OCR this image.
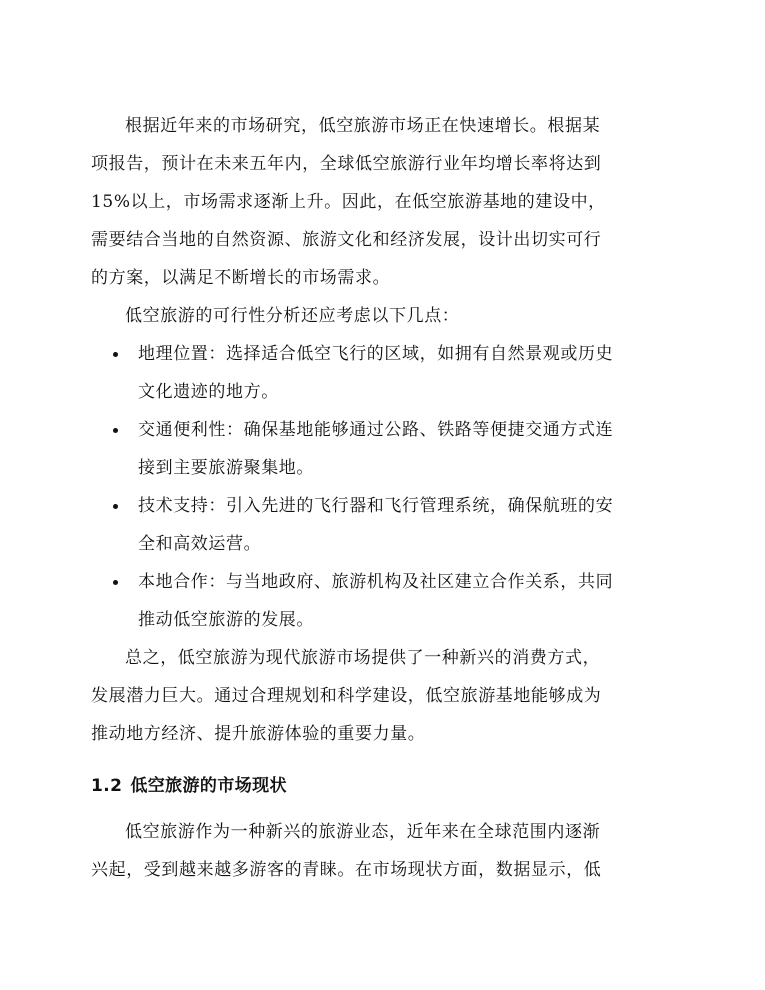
根据近年来的市场研究，低空旅游市场正在快速增长。根据某
项报告，预计在未来五年内，全球低空旅游行业年均增长率将达到
15%以上，市场需求逐渐上升。因此，在低空旅游基地的建设中，
需要结合当地的自然资源、旅游文化和经济发展，设计出切实可行
的方案，以满足不断增长的市场需求。
低空旅游的可行性分析还应考虑以下几点：
地理位置：选择适合低空飞行的区域，如拥有自然景观或历史
文化遗迹的地方。
交通便利性：确保基地能够通过公路、铁路等便捷交通方式连
接到主要旅游聚集地。
技术支持：引入先进的飞行器和飞行管理系统，确保航班的安
全和高效运营。
本地合作：与当地政府、旅游机构及社区建立合作关系，共同
推动低空旅游的发展。
总之，低空旅游为现代旅游市场提供了一种新兴的消费方式，
发展潜力巨大。通过合理规划和科学建设，低空旅游基地能够成为
推动地方经济、提升旅游体验的重要力量。
1.2 低空旅游的市场现状
低空旅游作为一种新兴的旅游业态，近年来在全球范围内逐渐
兴起，受到越来越多游客的青睐。在市场现状方面，数据显示，低
